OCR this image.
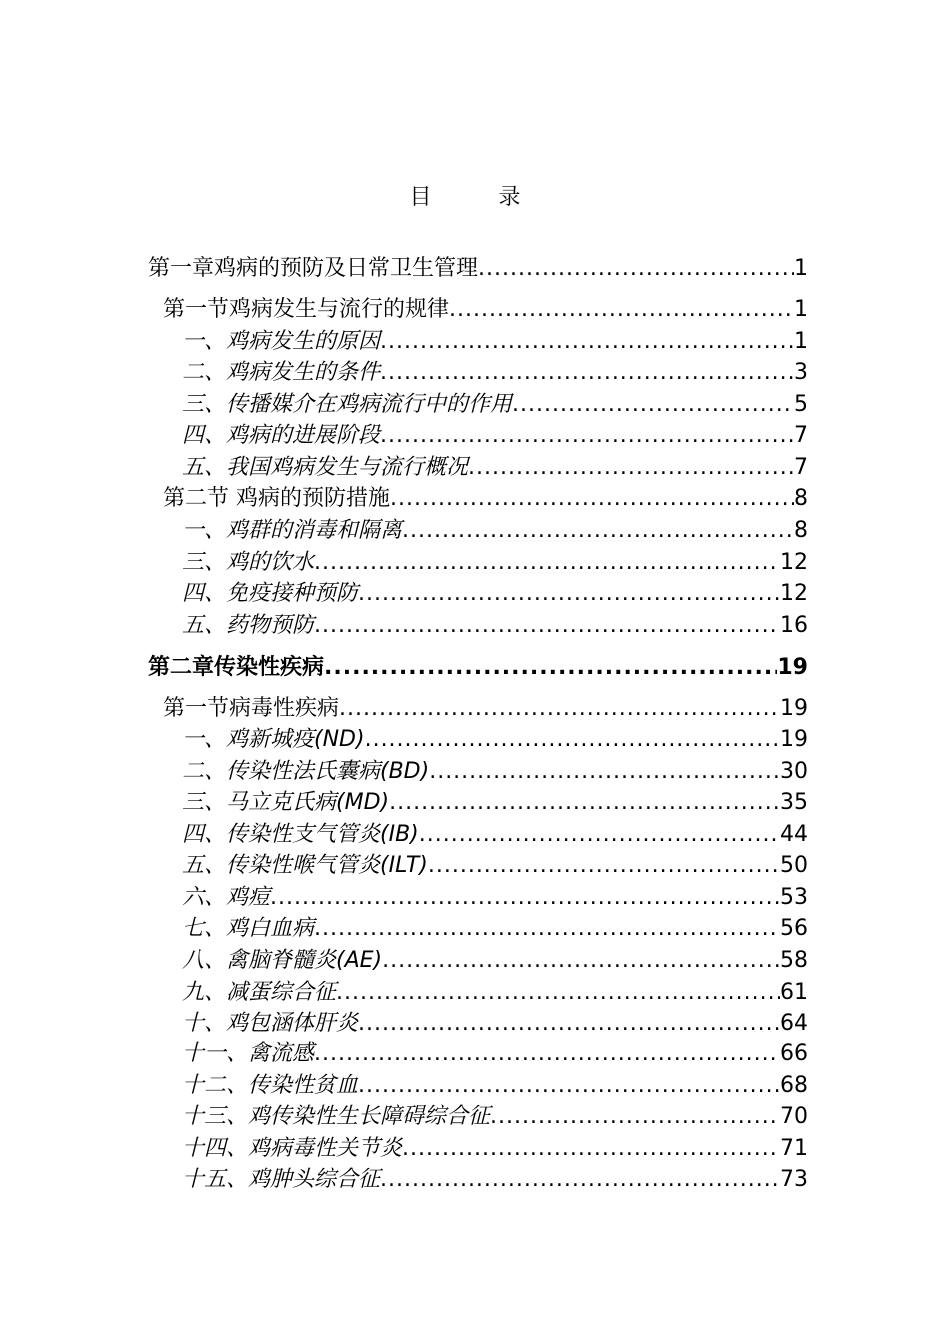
目 录
第一章鸡病的预防及日常卫生管理 .....	1
第一节鸡病发生与流行的规律 .....	1
一、鸡病发生的原因 .....	1
二、鸡病发生的条件 .....	3
三、传播媒介在鸡病流行中的作用 .....	5
四、鸡病的进展阶段 .....	7
五、我国鸡病发生与流行概况 .....	7
第二节 鸡病的预防措施 .....	8
一、鸡群的消毒和隔离 .....	8
三、鸡的饮水 .....	12
四、免疫接种预防 .....	12
五、药物预防 .....	16
第二章传染性疾病 .....	19
第一节病毒性疾病 .....	19
一、鸡新城疫(ND) .....	19
二、传染性法氏囊病(BD) .....	30
三、马立克氏病(MD) .....	35
四、传染性支气管炎(IB) .....	44
五、传染性喉气管炎(ILT) .....	50
六、鸡痘 .....	53
七、鸡白血病 .....	56
八、禽脑脊髓炎(AE) .....	58
九、减蛋综合征 .....	61
十、鸡包涵体肝炎 .....	64
十一、禽流感 .....	66
十二、传染性贫血 .....	68
十三、鸡传染性生长障碍综合征 .....	70
十四、鸡病毒性关节炎 .....	71
十五、鸡肿头综合征 .....	73
